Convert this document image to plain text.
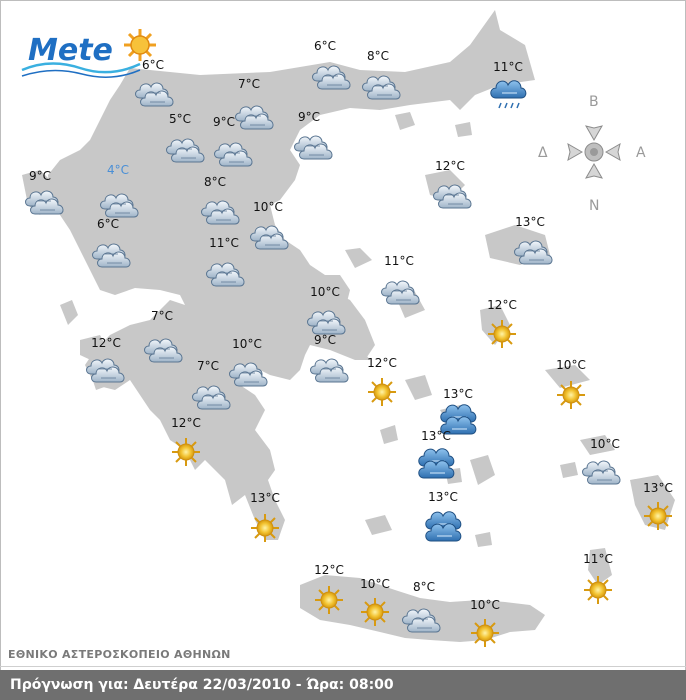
Mete
B
N
A
Δ
6°C
6°C
8°C
11°C
7°C
5°C 9°C	9°C
9°C	4°C
8°C
12°C
10°C
6°C	13°C
11°C
11°C
10°C
12°C
7°C
12°C	9°C
10°C
12°C	10°C
7°C
13°C
12°C
13°C
10°C
13°C
13°C
13°C
11°C
12°C
10°C 8°C
10°C
ΕΘΝΙΚΟ ΑΣΤΕΡΟΣΚΟΠΕΙΟ ΑΘΗΝΩΝ
Πρόγνωση για: Δευτέρα 22/03/2010 - Ώρα: 08:00
